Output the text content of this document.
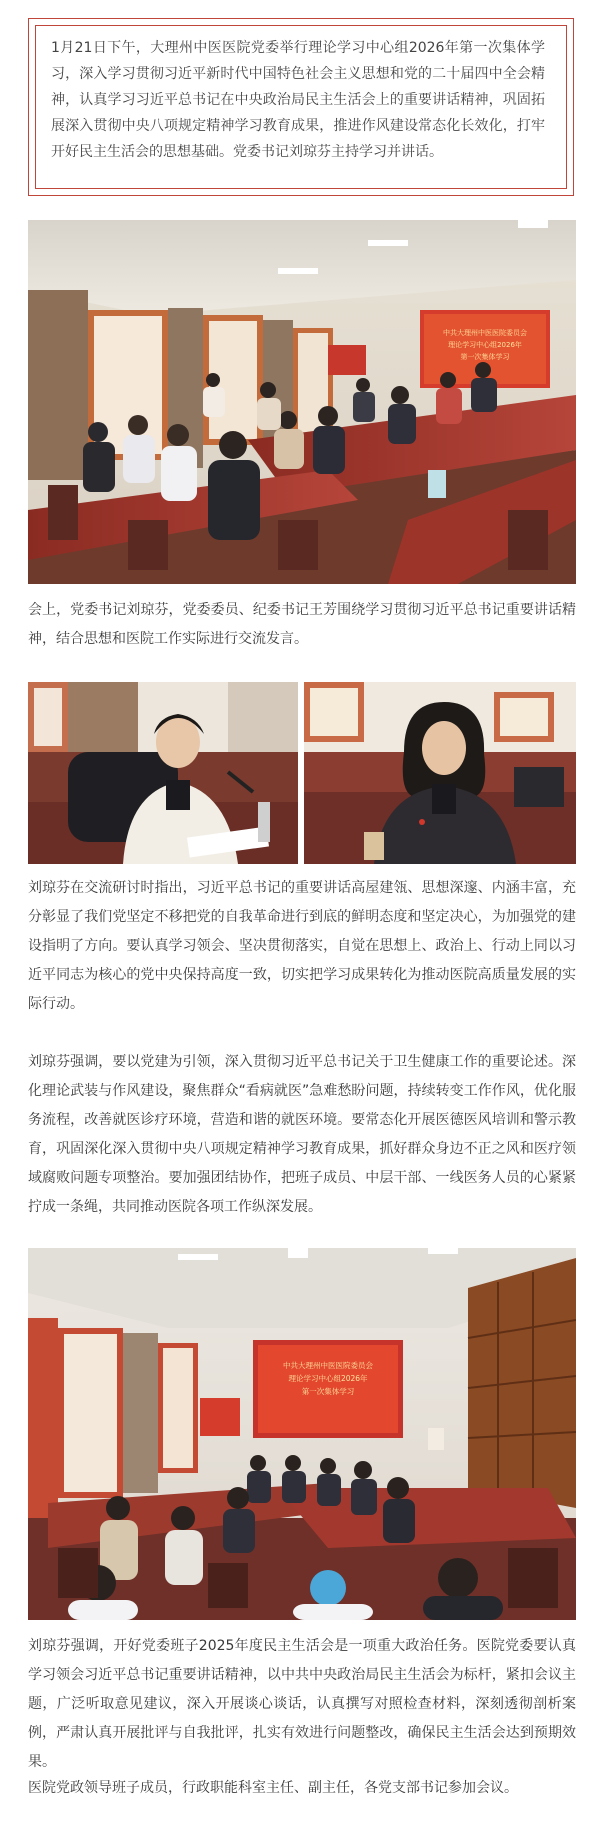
1月21日下午，大理州中医医院党委举行理论学习中心组2026年第一次集体学习，深入学习贯彻习近平新时代中国特色社会主义思想和党的二十届四中全会精神，认真学习习近平总书记在中央政治局民主生活会上的重要讲话精神，巩固拓展深入贯彻中央八项规定精神学习教育成果，推进作风建设常态化长效化，打牢开好民主生活会的思想基础。党委书记刘琼芬主持学习并讲话。
中共大理州中医医院委员会
理论学习中心组2026年
第一次集体学习
会上，党委书记刘琼芬，党委委员、纪委书记王芳围绕学习贯彻习近平总书记重要讲话精神，结合思想和医院工作实际进行交流发言。
刘琼芬在交流研讨时指出，习近平总书记的重要讲话高屋建瓴、思想深邃、内涵丰富，充分彰显了我们党坚定不移把党的自我革命进行到底的鲜明态度和坚定决心，为加强党的建设指明了方向。要认真学习领会、坚决贯彻落实，自觉在思想上、政治上、行动上同以习近平同志为核心的党中央保持高度一致，切实把学习成果转化为推动医院高质量发展的实际行动。
刘琼芬强调，要以党建为引领，深入贯彻习近平总书记关于卫生健康工作的重要论述。深化理论武装与作风建设，聚焦群众“看病就医”急难愁盼问题，持续转变工作作风，优化服务流程，改善就医诊疗环境，营造和谐的就医环境。要常态化开展医德医风培训和警示教育，巩固深化深入贯彻中央八项规定精神学习教育成果，抓好群众身边不正之风和医疗领域腐败问题专项整治。要加强团结协作，把班子成员、中层干部、一线医务人员的心紧紧拧成一条绳，共同推动医院各项工作纵深发展。
中共大理州中医医院委员会
理论学习中心组2026年
第一次集体学习
刘琼芬强调，开好党委班子2025年度民主生活会是一项重大政治任务。医院党委要认真学习领会习近平总书记重要讲话精神，以中共中央政治局民主生活会为标杆，紧扣会议主题，广泛听取意见建议，深入开展谈心谈话，认真撰写对照检查材料，深刻透彻剖析案例，严肃认真开展批评与自我批评，扎实有效进行问题整改，确保民主生活会达到预期效果。
医院党政领导班子成员，行政职能科室主任、副主任，各党支部书记参加会议。
